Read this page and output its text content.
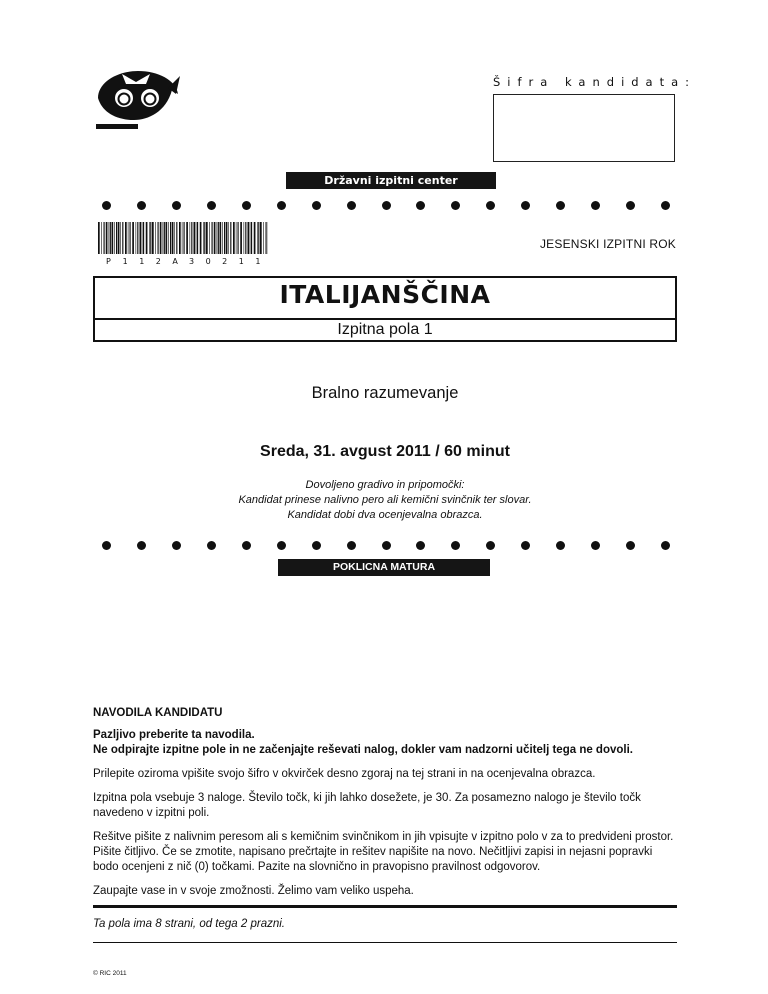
Šifra kandidata:
Državni izpitni center
P	1	1	2	A	3	0	2	1	1
JESENSKI IZPITNI ROK
ITALIJANŠČINA
Izpitna pola 1
Bralno razumevanje
Sreda, 31. avgust 2011 / 60 minut
Dovoljeno gradivo in pripomočki:
Kandidat prinese nalivno pero ali kemični svinčnik ter slovar.
Kandidat dobi dva ocenjevalna obrazca.
POKLICNA MATURA
NAVODILA KANDIDATU
Pazljivo preberite ta navodila.
Ne odpirajte izpitne pole in ne začenjajte reševati nalog, dokler vam nadzorni učitelj tega ne dovoli.

Prilepite oziroma vpišite svojo šifro v okvirček desno zgoraj na tej strani in na ocenjevalna obrazca.

Izpitna pola vsebuje 3 naloge. Število točk, ki jih lahko dosežete, je 30. Za posamezno nalogo je število točk navedeno v izpitni poli.

Rešitve pišite z nalivnim peresom ali s kemičnim svinčnikom in jih vpisujte v izpitno polo v za to predvideni prostor. Pišite čitljivo. Če se zmotite, napisano prečrtajte in rešitev napišite na novo. Nečitljivi zapisi in nejasni popravki bodo ocenjeni z nič (0) točkami. Pazite na slovnično in pravopisno pravilnost odgovorov.

Zaupajte vase in v svoje zmožnosti. Želimo vam veliko uspeha.

Ta pola ima 8 strani, od tega 2 prazni.
© RIC 2011
